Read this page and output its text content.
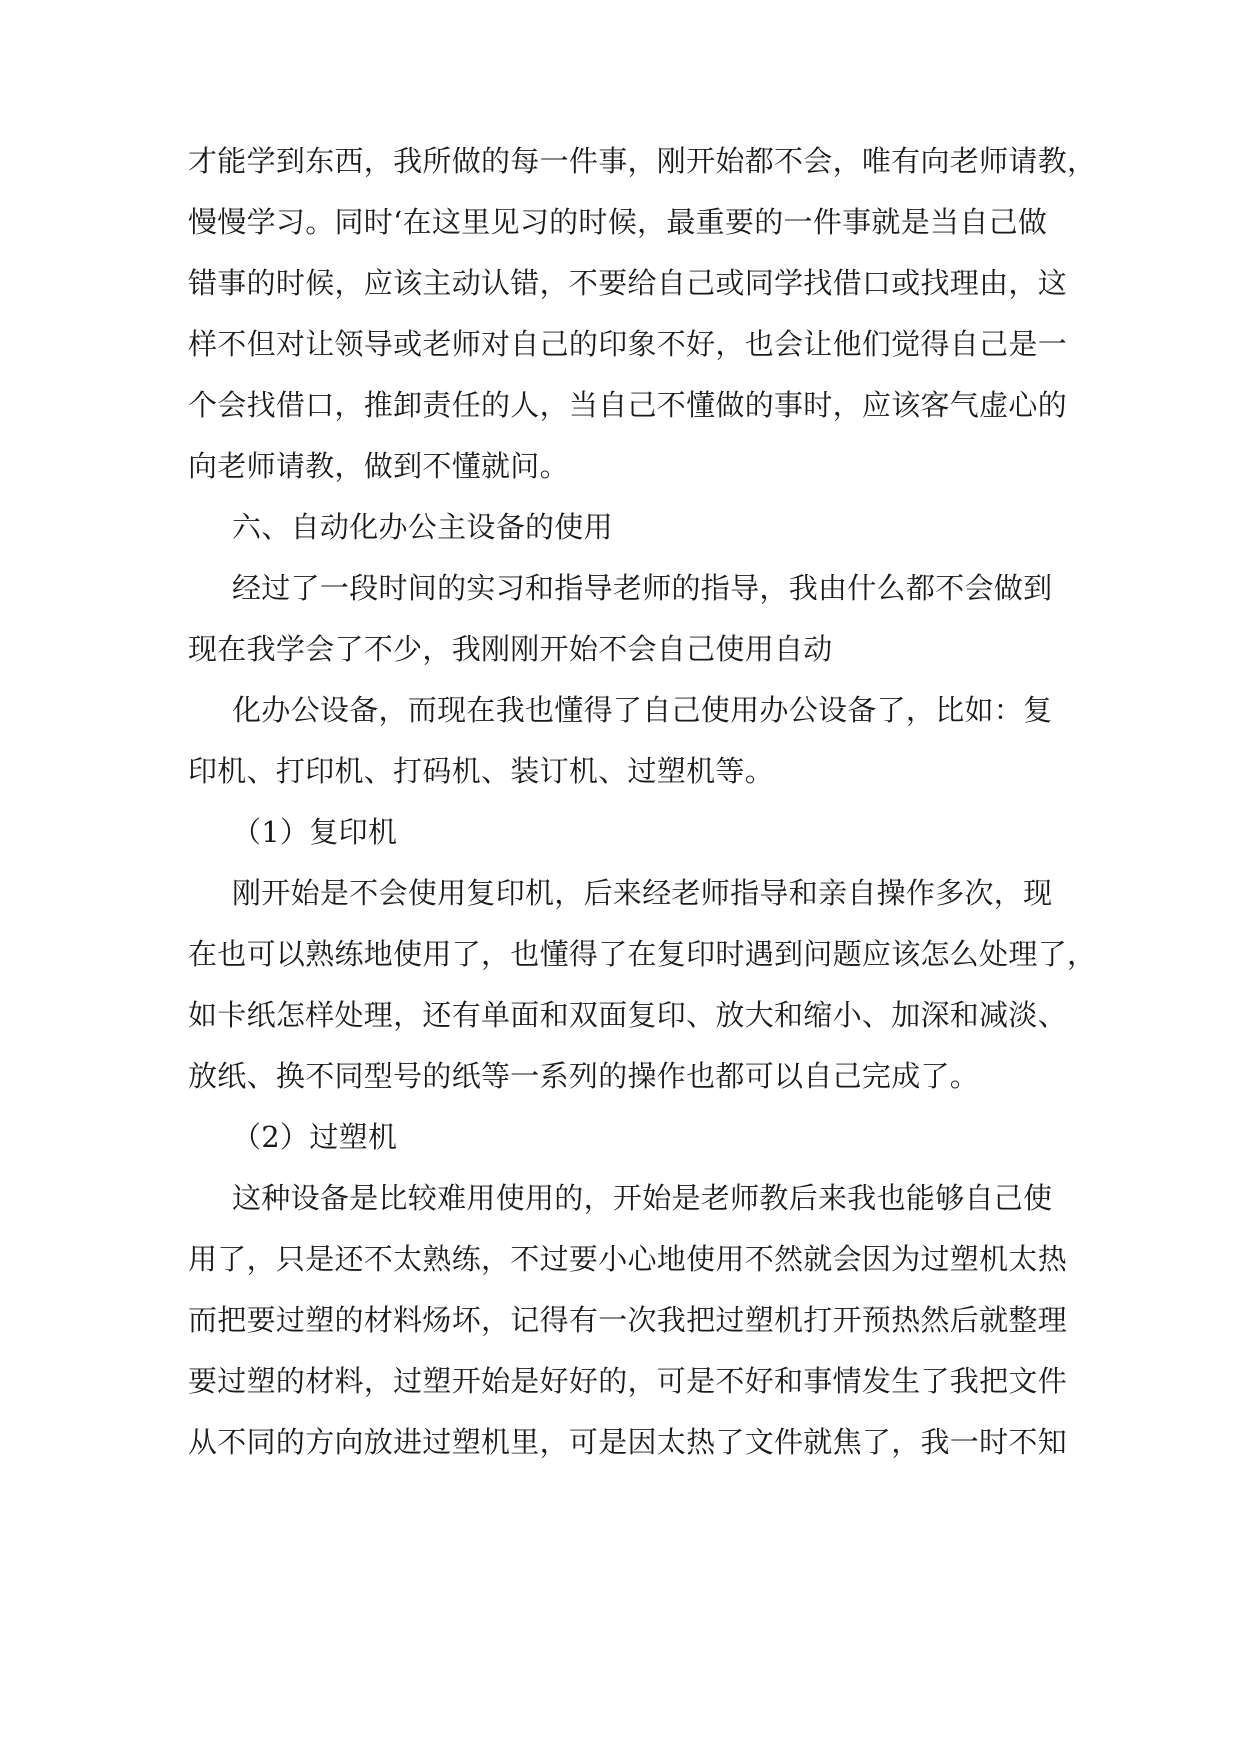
才能学到东西，我所做的每一件事，刚开始都不会，唯有向老师请教，
慢慢学习。同时‘在这里见习的时候，最重要的一件事就是当自己做
错事的时候，应该主动认错，不要给自己或同学找借口或找理由，这
样不但对让领导或老师对自己的印象不好，也会让他们觉得自己是一
个会找借口，推卸责任的人，当自己不懂做的事时，应该客气虚心的
向老师请教，做到不懂就问。
六、自动化办公主设备的使用
经过了一段时间的实习和指导老师的指导，我由什么都不会做到
现在我学会了不少，我刚刚开始不会自己使用自动
化办公设备，而现在我也懂得了自己使用办公设备了，比如：复
印机、打印机、打码机、装订机、过塑机等。
（1）复印机
刚开始是不会使用复印机，后来经老师指导和亲自操作多次，现
在也可以熟练地使用了，也懂得了在复印时遇到问题应该怎么处理了，
如卡纸怎样处理，还有单面和双面复印、放大和缩小、加深和减淡、
放纸、换不同型号的纸等一系列的操作也都可以自己完成了。
（2）过塑机
这种设备是比较难用使用的，开始是老师教后来我也能够自己使
用了，只是还不太熟练，不过要小心地使用不然就会因为过塑机太热
而把要过塑的材料炀坏，记得有一次我把过塑机打开预热然后就整理
要过塑的材料，过塑开始是好好的，可是不好和事情发生了我把文件
从不同的方向放进过塑机里，可是因太热了文件就焦了，我一时不知
